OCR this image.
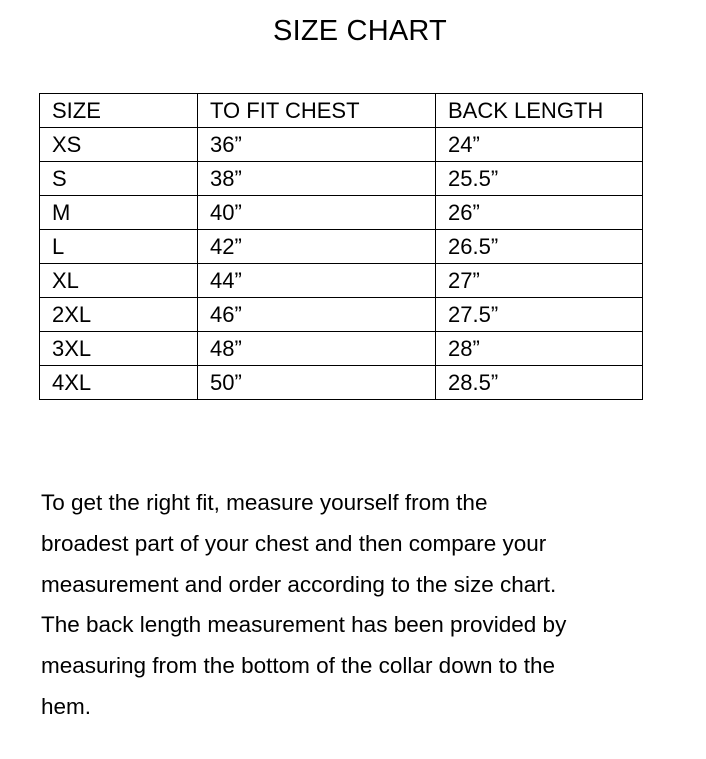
SIZE CHART
SIZE	TO FIT CHEST	BACK LENGTH
XS	36”	24”
S	38”	25.5”
M	40”	26”
L	42”	26.5”
XL	44”	27”
2XL	46”	27.5”
3XL	48”	28”
4XL	50”	28.5”

To get the right fit, measure yourself from the
broadest part of your chest and then compare your
measurement and order according to the size chart.
The back length measurement has been provided by
measuring from the bottom of the collar down to the
hem.
